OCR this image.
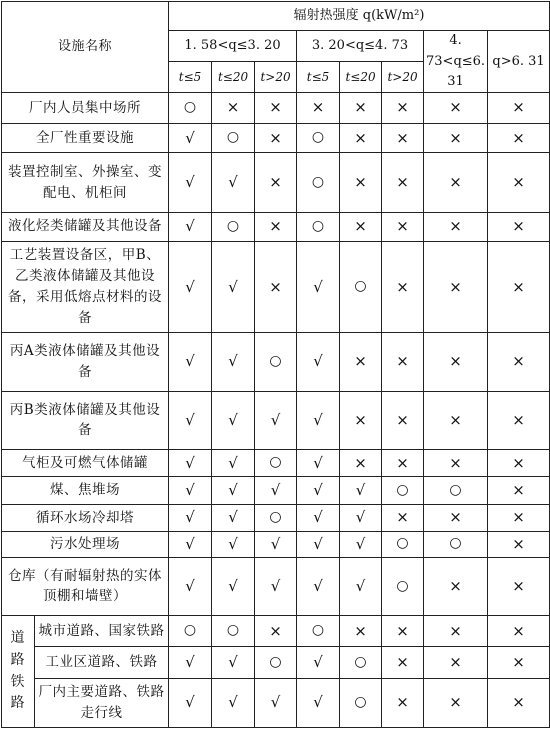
设施名称		辐射热强度 q(kW/m²)							
		1. 58<q≤3. 20			3. 20<q≤4. 73			4. 73<q≤6. 31	q>6. 31
		t≤5	t≤20	t>20	t≤5	t≤20	t>20		
厂内人员集中场所		○	×	×	×	×	×	×	×
全厂性重要设施		√	○	×	○	×	×	×	×
装置控制室、外操室、变配电、机柜间		√	√	×	○	×	×	×	×
液化烃类储罐及其他设备		√	○	×	○	×	×	×	×
工艺装置设备区，甲B、乙类液体储罐及其他设备，采用低熔点材料的设备		√	√	×	√	○	×	×	×
丙A类液体储罐及其他设备		√	√	○	√	×	×	×	×
丙B类液体储罐及其他设备		√	√	√	√	×	×	×	×
气柜及可燃气体储罐		√	√	○	√	×	×	×	×
煤、焦堆场		√	√	√	√	√	○	○	×
循环水场冷却塔		√	√	○	√	√	×	×	×
污水处理场		√	√	√	√	√	○	○	×
仓库（有耐辐射热的实体顶棚和墙壁）		√	√	√	√	√	○	×	×
道路铁路	城市道路、国家铁路	○	○	×	○	×	×	×	×
	工业区道路、铁路	√	√	○	√	○	×	×	×
	厂内主要道路、铁路走行线	√	√	√	√	○	×	×	×
